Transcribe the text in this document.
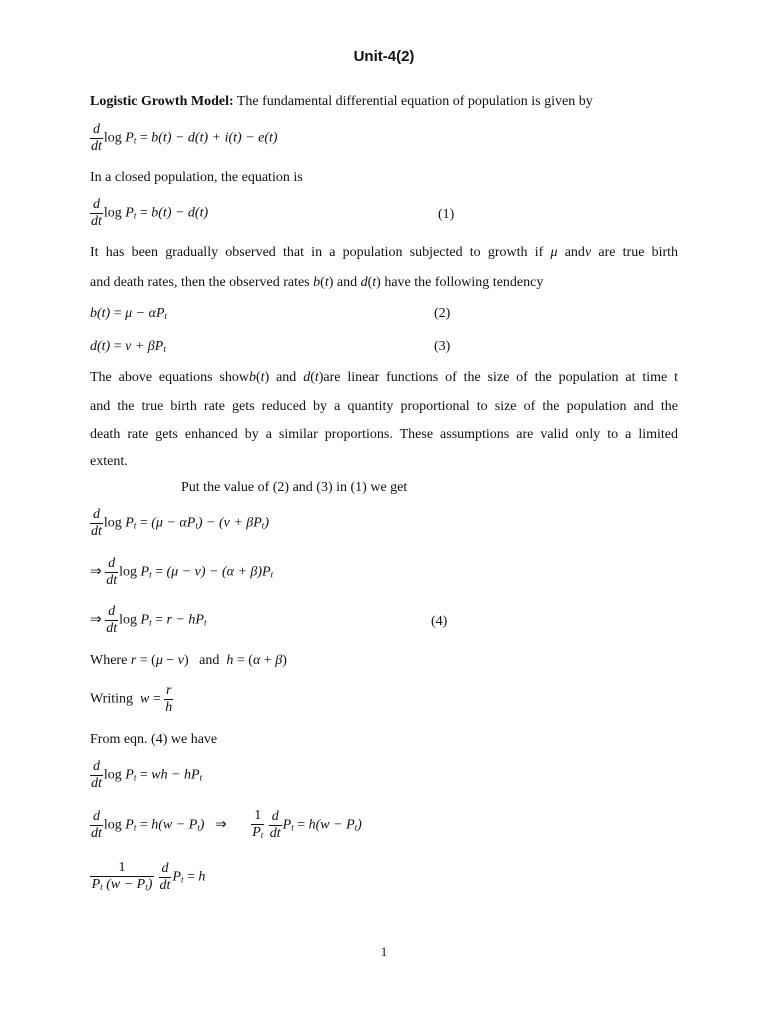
Unit-4(2)
Logistic Growth Model: The fundamental differential equation of population is given by
$\frac{d}{dt}$ $\log P_t = b(t) - d(t) + i(t) - e(t)$
In a closed population, the equation is
$\frac{d}{dt}$ $\log P_t = b(t) - d(t)$	(1)
It has been gradually observed that in a population subjected to growth if μ andν are true birth
and death rates, then the observed rates b(t) and d(t) have the following tendency
$b(t) = \mu - \alpha P_t$	(2)
$d(t) = \nu + \beta P_t$	(3)
The above equations showb(t) and d(t)are linear functions of the size of the population at time t
and the true birth rate gets reduced by a quantity proportional to size of the population and the
death rate gets enhanced by a similar proportions. These assumptions are valid only to a limited
extent.
Put the value of (2) and (3) in (1) we get
$\frac{d}{dt}$ $\log P_t = (\mu - \alpha P_t) - (\nu + \beta P_t)$
⇒ $\frac{d}{dt}$ $\log P_t = (\mu - \nu) - (\alpha + \beta)P_t$
⇒ $\frac{d}{dt}$ $\log P_t = r - hP_t$	(4)
Where r = (μ − ν)   and h = (α + β)
Writing $w = \frac{r}{h}$
From eqn. (4) we have
$\frac{d}{dt}$ $\log P_t$ = wh − $hP_t$
$\frac{d}{dt}$ $\log P_t = h(w - P_t)$   ⇒ $\frac{1}{P_t}$
$\frac{d}{dt} P_t = h(w - P_t)$
$\frac{1}{P_t (w - P_t)}$
$\frac{d}{dt} P_t = h$
1
